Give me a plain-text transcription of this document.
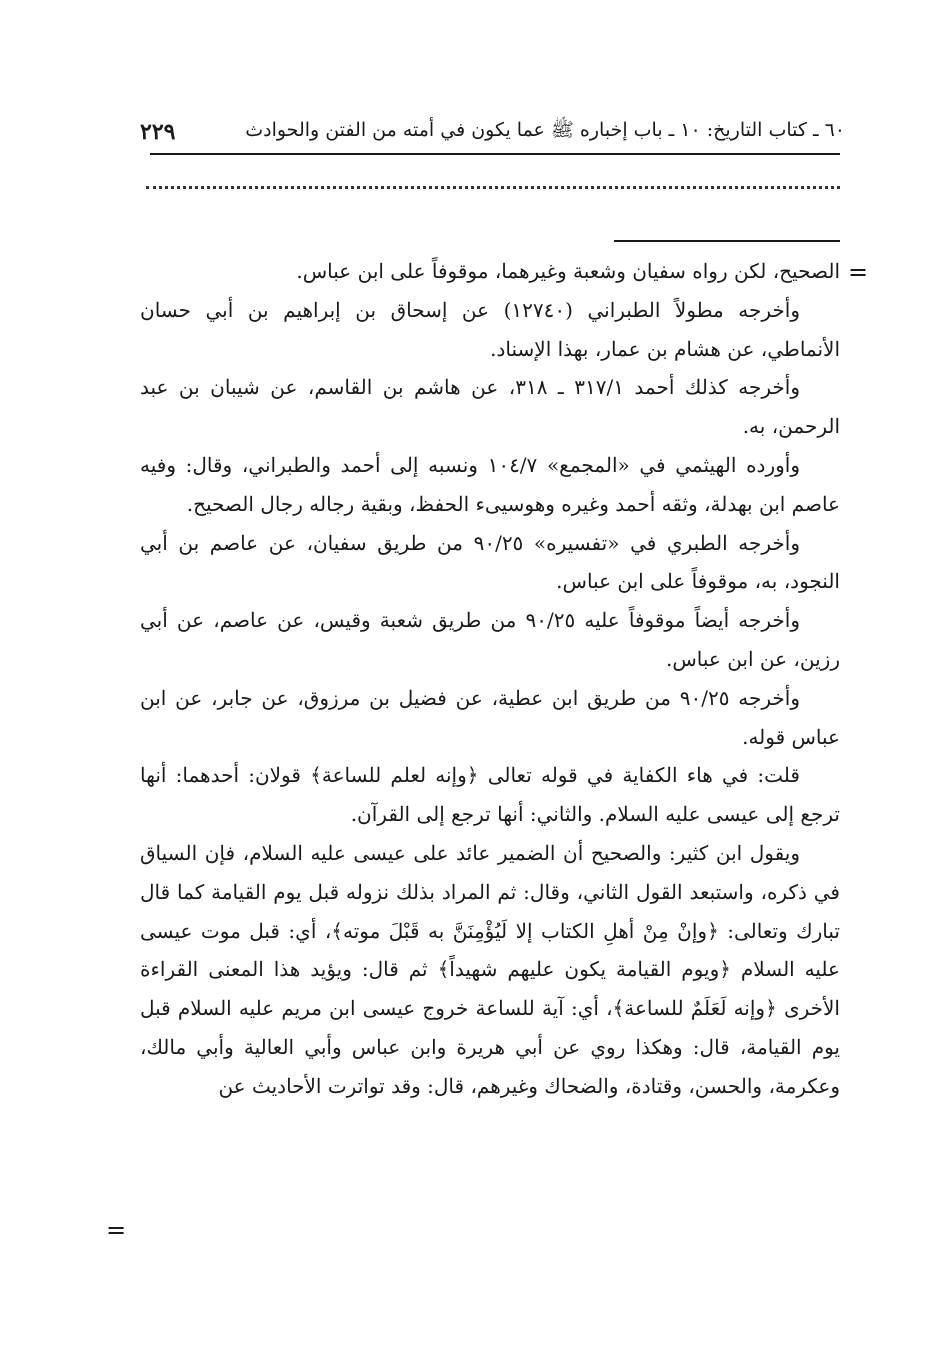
٦٠ ـ كتاب التاريخ: ١٠ ـ باب إخباره ﷺ عما يكون في أمته من الفتن والحوادث
٢٢٩
=

الصحيح، لكن رواه سفيان وشعبة وغيرهما، موقوفاً على ابن عباس.

وأخرجه مطولاً الطبراني (١٢٧٤٠) عن إسحاق بن إبراهيم بن أبي حسان الأنماطي، عن هشام بن عمار، بهذا الإسناد.

وأخرجه كذلك أحمد ٣١٧/١ ـ ٣١٨، عن هاشم بن القاسم، عن شيبان بن عبد الرحمن، به.

وأورده الهيثمي في «المجمع» ١٠٤/٧ ونسبه إلى أحمد والطبراني، وقال: وفيه عاصم ابن بهدلة، وثقه أحمد وغيره وهوسيىء الحفظ، وبقية رجاله رجال الصحيح.

وأخرجه الطبري في «تفسيره» ٩٠/٢٥ من طريق سفيان، عن عاصم بن أبي النجود، به، موقوفاً على ابن عباس.

وأخرجه أيضاً موقوفاً عليه ٩٠/٢٥ من طريق شعبة وقيس، عن عاصم، عن أبي رزين، عن ابن عباس.

وأخرجه ٩٠/٢٥ من طريق ابن عطية، عن فضيل بن مرزوق، عن جابر، عن ابن عباس قوله.

قلت: في هاء الكفاية في قوله تعالى ﴿وإنه لعلم للساعة﴾ قولان: أحدهما: أنها ترجع إلى عيسى عليه السلام. والثاني: أنها ترجع إلى القرآن.

ويقول ابن كثير: والصحيح أن الضمير عائد على عيسى عليه السلام، فإن السياق في ذكره، واستبعد القول الثاني، وقال: ثم المراد بذلك نزوله قبل يوم القيامة كما قال تبارك وتعالى: ﴿وإنْ مِنْ أهلِ الكتاب إلا لَيُؤْمِنَنَّ به قَبْلَ موته﴾، أي: قبل موت عيسى عليه السلام ﴿ويوم القيامة يكون عليهم شهيداً﴾ ثم قال: ويؤيد هذا المعنى القراءة الأخرى ﴿وإنه لَعَلَمٌ للساعة﴾، أي: آية للساعة خروج عيسى ابن مريم عليه السلام قبل يوم القيامة، قال: وهكذا روي عن أبي هريرة وابن عباس وأبي العالية وأبي مالك، وعكرمة، والحسن، وقتادة، والضحاك وغيرهم، قال: وقد تواترت الأحاديث عن

=
